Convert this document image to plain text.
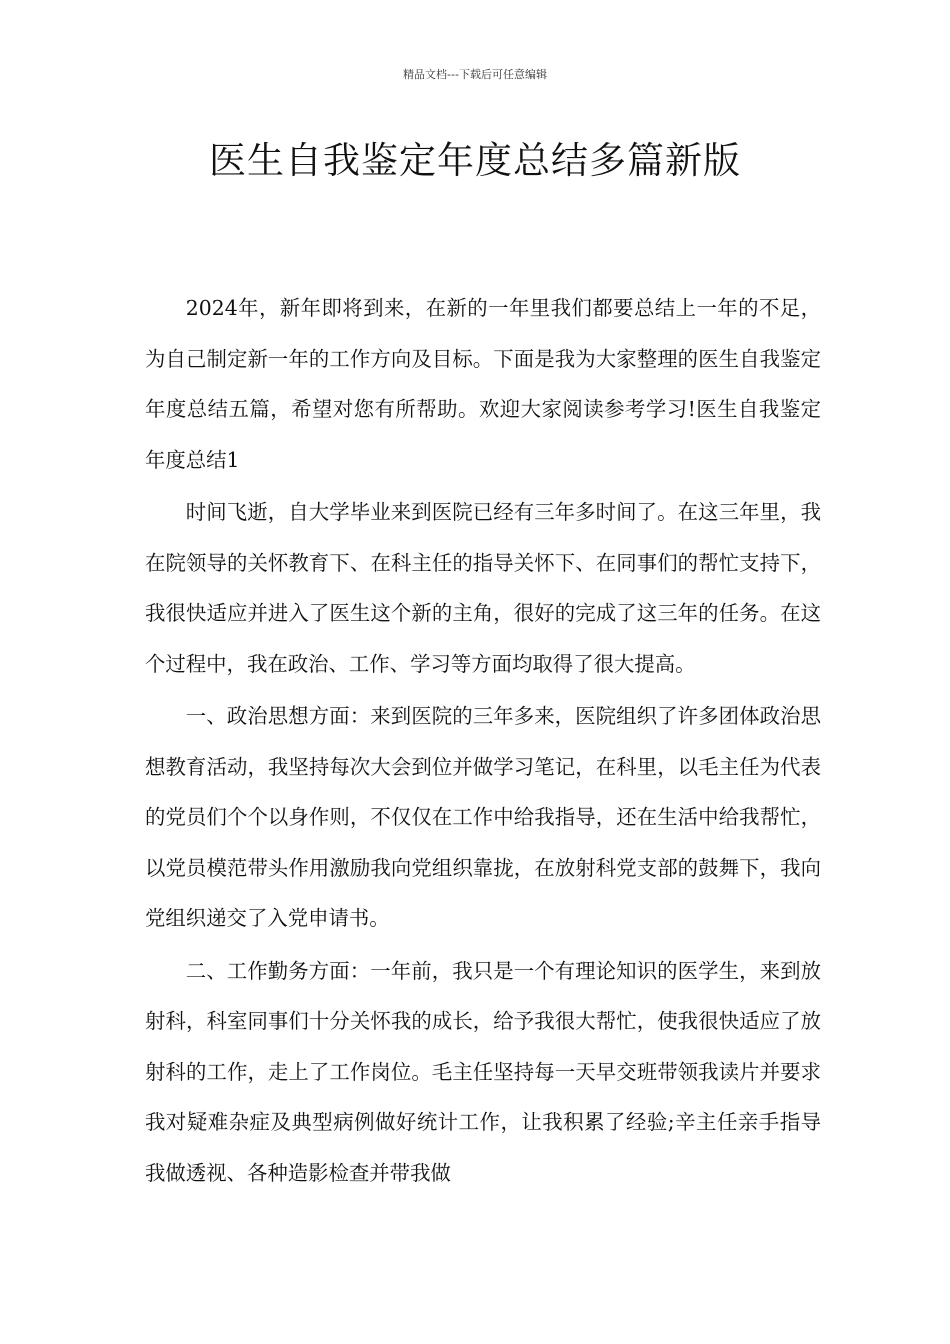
精品文档---下载后可任意编辑
医生自我鉴定年度总结多篇新版

2024年，新年即将到来，在新的一年里我们都要总结上一年的不足，为自己制定新一年的工作方向及目标。下面是我为大家整理的医生自我鉴定年度总结五篇，希望对您有所帮助。欢迎大家阅读参考学习!医生自我鉴定年度总结1

时间飞逝，自大学毕业来到医院已经有三年多时间了。在这三年里，我在院领导的关怀教育下、在科主任的指导关怀下、在同事们的帮忙支持下，我很快适应并进入了医生这个新的主角，很好的完成了这三年的任务。在这个过程中，我在政治、工作、学习等方面均取得了很大提高。

一、政治思想方面：来到医院的三年多来，医院组织了许多团体政治思想教育活动，我坚持每次大会到位并做学习笔记，在科里，以毛主任为代表的党员们个个以身作则，不仅仅在工作中给我指导，还在生活中给我帮忙，以党员模范带头作用激励我向党组织靠拢，在放射科党支部的鼓舞下，我向党组织递交了入党申请书。

二、工作勤务方面：一年前，我只是一个有理论知识的医学生，来到放射科，科室同事们十分关怀我的成长，给予我很大帮忙，使我很快适应了放射科的工作，走上了工作岗位。毛主任坚持每一天早交班带领我读片并要求我对疑难杂症及典型病例做好统计工作，让我积累了经验;辛主任亲手指导我做透视、各种造影检查并带我做
